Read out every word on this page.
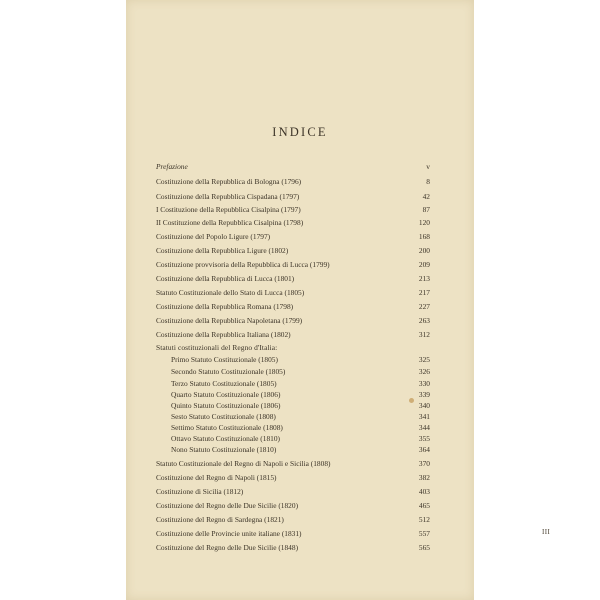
INDICE
Prefazione	v
Costituzione della Repubblica di Bologna (1796)	8
Costituzione della Repubblica Cispadana (1797)	42
I Costituzione della Repubblica Cisalpina (1797)	87
II Costituzione della Repubblica Cisalpina (1798)	120
Costituzione del Popolo Ligure (1797)	168
Costituzione della Repubblica Ligure (1802)	200
Costituzione provvisoria della Repubblica di Lucca (1799)	209
Costituzione della Repubblica di Lucca (1801)	213
Statuto Costituzionale dello Stato di Lucca (1805)	217
Costituzione della Repubblica Romana (1798)	227
Costituzione della Repubblica Napoletana (1799)	263
Costituzione della Repubblica Italiana (1802)	312
Statuti costituzionali del Regno d'Italia:
Primo Statuto Costituzionale (1805)	325
Secondo Statuto Costituzionale (1805)	326
Terzo Statuto Costituzionale (1805)	330
Quarto Statuto Costituzionale (1806)	339
Quinto Statuto Costituzionale (1806)	340
Sesto Statuto Costituzionale (1808)	341
Settimo Statuto Costituzionale (1808)	344
Ottavo Statuto Costituzionale (1810)	355
Nono Statuto Costituzionale (1810)	364
Statuto Costituzionale del Regno di Napoli e Sicilia (1808)	370
Costituzione del Regno di Napoli (1815)	382
Costituzione di Sicilia (1812)	403
Costituzione del Regno delle Due Sicilie (1820)	465
Costituzione del Regno di Sardegna (1821)	512
Costituzione delle Provincie unite italiane (1831)	557
Costituzione del Regno delle Due Sicilie (1848)	565
III
